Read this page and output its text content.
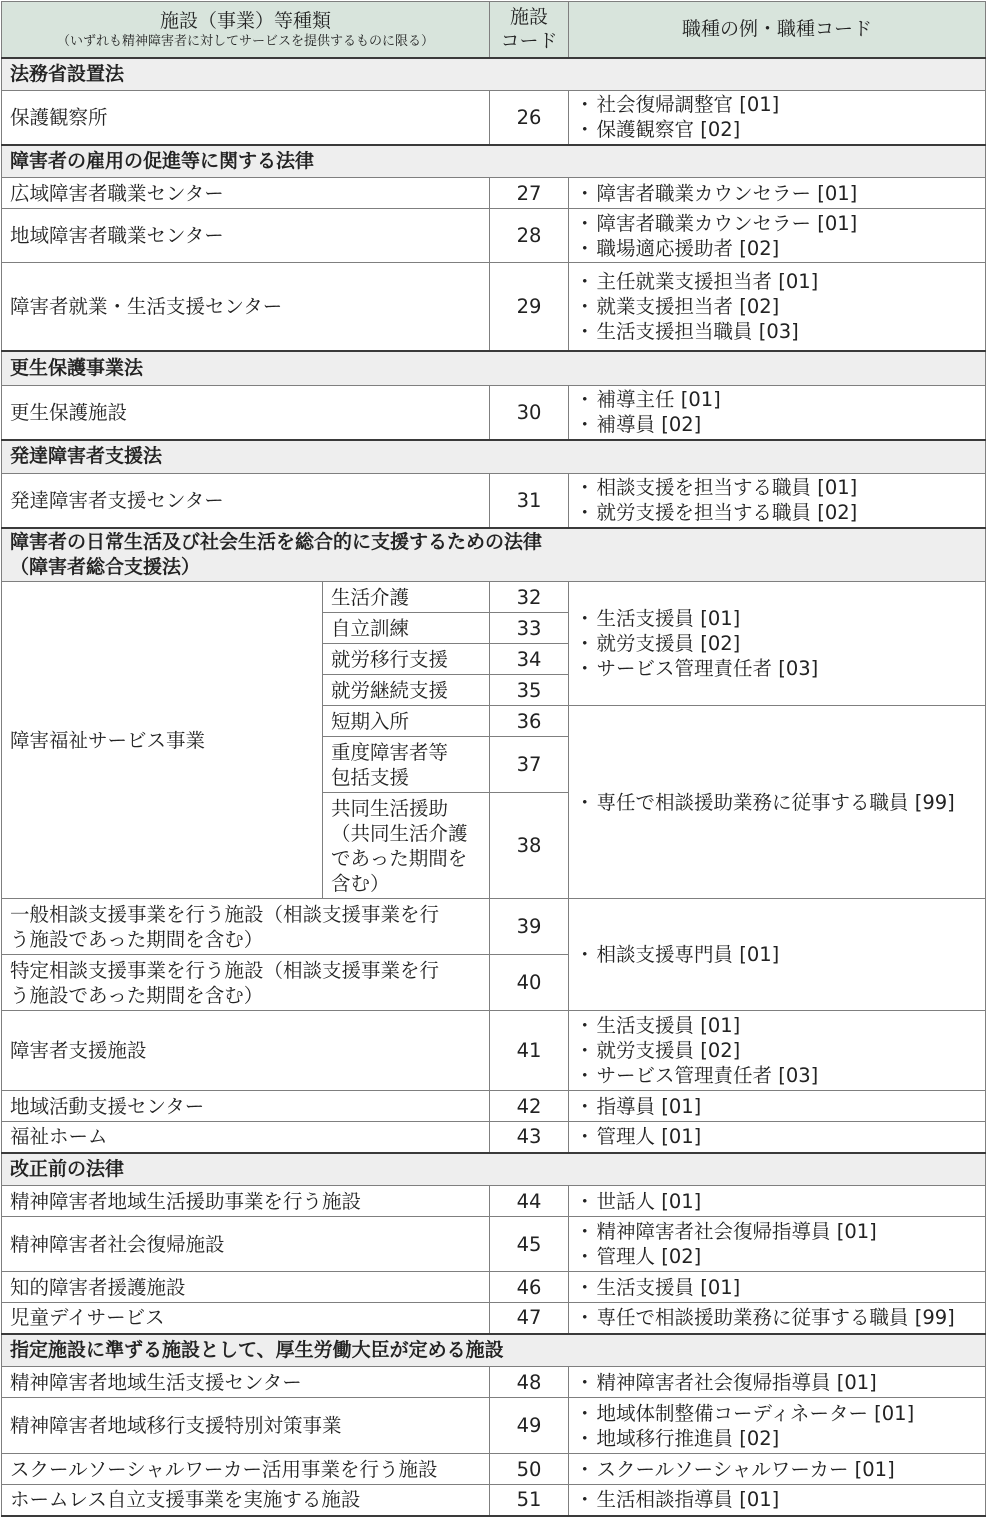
施設（事業）等種類
（いずれも精神障害者に対してサービスを提供するものに限る）		施設
コード	職種の例・職種コード

法務省設置法			
保護観察所		26	・ 社会復帰調整官 [01]
・ 保護観察官 [02]

障害者の雇用の促進等に関する法律			
広域障害者職業センター		27	・ 障害者職業カウンセラー [01]

地域障害者職業センター		28	・ 障害者職業カウンセラー [01]
・ 職場適応援助者 [02]

障害者就業・生活支援センター		29	・ 主任就業支援担当者 [01]
・ 就業支援担当者 [02]
・ 生活支援担当職員 [03]

更生保護事業法			
更生保護施設		30	・ 補導主任 [01]
・ 補導員 [02]

発達障害者支援法			
発達障害者支援センター		31	・ 相談支援を担当する職員 [01]
・ 就労支援を担当する職員 [02]

障害者の日常生活及び社会生活を総合的に支援するための法律
（障害者総合支援法）			

障害福祉サービス事業	生活介護	32	・ 生活支援員 [01]
・ 就労支援員 [02]
・ サービス管理責任者 [03]

	自立訓練	33	
	就労移行支援	34	
	就労継続支援	35	
	短期入所	36	・ 専任で相談援助業務に従事する職員 [99]

	重度障害者等
包括支援	37	

	共同生活援助
（共同生活介護
であった期間を
含む）	38	

一般相談支援事業を行う施設（相談支援事業を行
う施設であった期間を含む）		39	・ 相談支援専門員 [01]

特定相談支援事業を行う施設（相談支援事業を行
う施設であった期間を含む）		40	
障害者支援施設		41	・ 生活支援員 [01]
・ 就労支援員 [02]
・ サービス管理責任者 [03]

地域活動支援センター		42	・ 指導員 [01]

福祉ホーム		43	・ 管理人 [01]

改正前の法律			
精神障害者地域生活援助事業を行う施設		44	・ 世話人 [01]

精神障害者社会復帰施設		45	・ 精神障害者社会復帰指導員 [01]
・ 管理人 [02]

知的障害者援護施設		46	・ 生活支援員 [01]

児童デイサービス		47	・ 専任で相談援助業務に従事する職員 [99]

指定施設に準ずる施設として、厚生労働大臣が定める施設			
精神障害者地域生活支援センター		48	・ 精神障害者社会復帰指導員 [01]

精神障害者地域移行支援特別対策事業		49	・ 地域体制整備コーディネーター [01]
・ 地域移行推進員 [02]

スクールソーシャルワーカー活用事業を行う施設		50	・ スクールソーシャルワーカー [01]

ホームレス自立支援事業を実施する施設		51	・ 生活相談指導員 [01]
